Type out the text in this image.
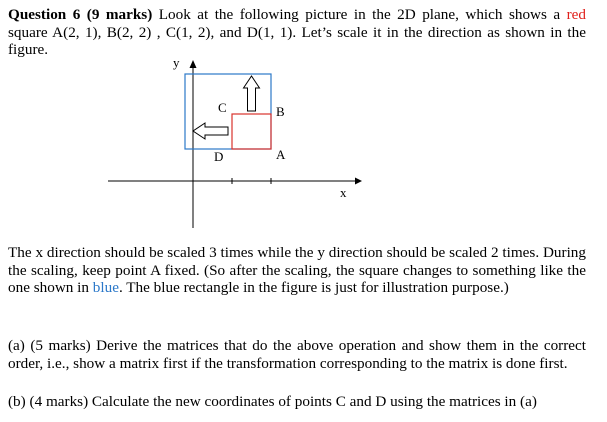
Question 6 (9 marks) Look at the following picture in the 2D plane, which shows a red square A(2, 1), B(2, 2) , C(1, 2), and D(1, 1). Let’s scale it in the direction as shown in the figure.

y
x
C	B
D	A

The x direction should be scaled 3 times while the y direction should be scaled 2 times. During the scaling, keep point A fixed. (So after the scaling, the square changes to something like the one shown in blue. The blue rectangle in the figure is just for illustration purpose.)

(a) (5 marks) Derive the matrices that do the above operation and show them in the correct order, i.e., show a matrix first if the transformation corresponding to the matrix is done first.

(b) (4 marks) Calculate the new coordinates of points C and D using the matrices in (a)
